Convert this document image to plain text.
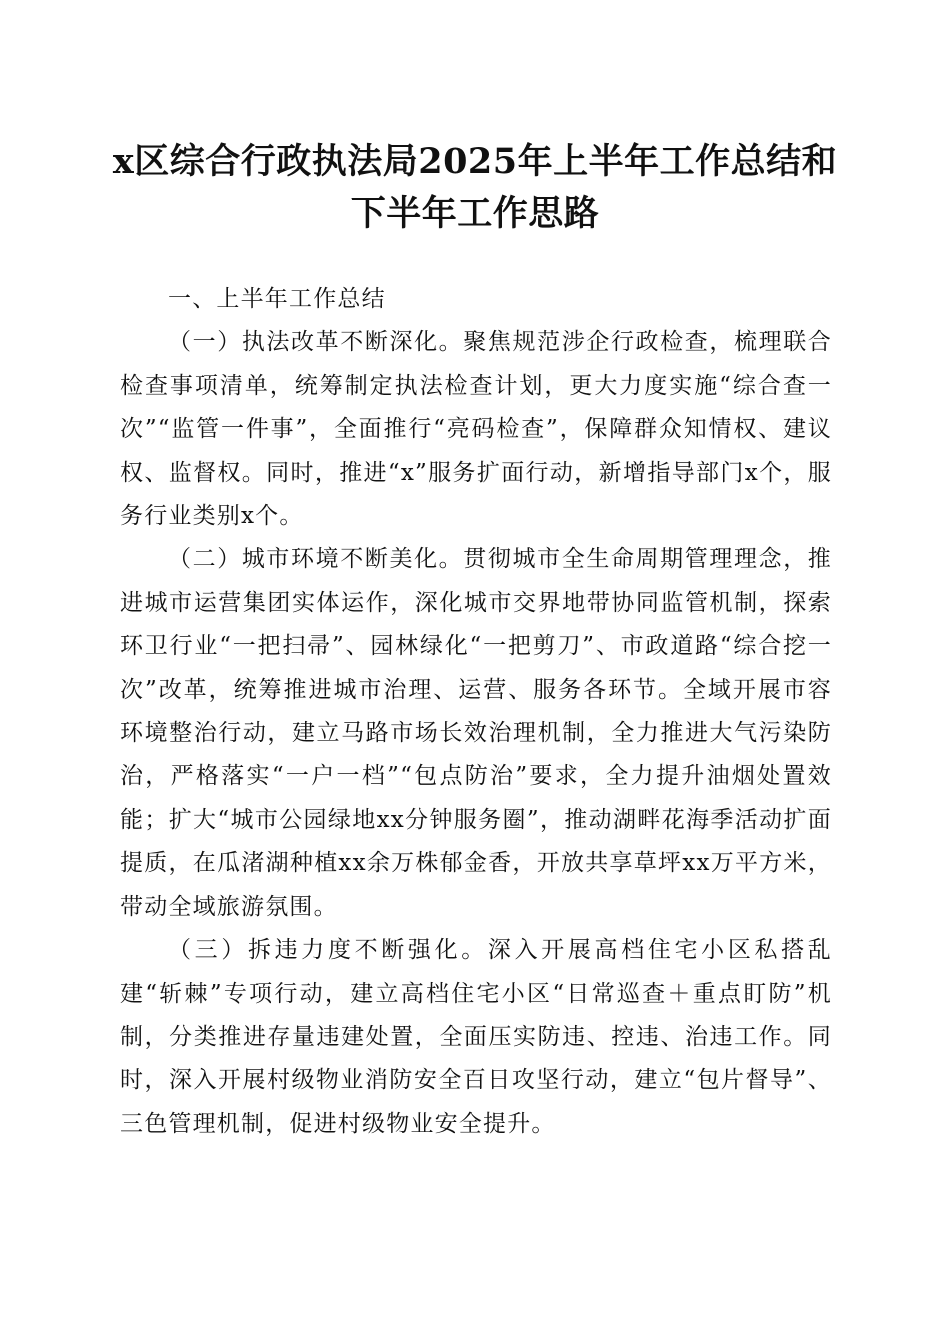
x区综合行政执法局2025年上半年工作总结和
下半年工作思路
一、上半年工作总结

（一）执法改革不断深化。聚焦规范涉企行政检查，梳理联合检查事项清单，统筹制定执法检查计划，更大力度实施“综合查一次”“监管一件事”，全面推行“亮码检查”，保障群众知情权、建议权、监督权。同时，推进“x”服务扩面行动，新增指导部门x个，服务行业类别x个。

（二）城市环境不断美化。贯彻城市全生命周期管理理念，推进城市运营集团实体运作，深化城市交界地带协同监管机制，探索环卫行业“一把扫帚”、园林绿化“一把剪刀”、市政道路“综合挖一次”改革，统筹推进城市治理、运营、服务各环节。全域开展市容环境整治行动，建立马路市场长效治理机制，全力推进大气污染防治，严格落实“一户一档”“包点防治”要求，全力提升油烟处置效能；扩大“城市公园绿地xx分钟服务圈”，推动湖畔花海季活动扩面提质，在瓜渚湖种植xx余万株郁金香，开放共享草坪xx万平方米，带动全域旅游氛围。

（三）拆违力度不断强化。深入开展高档住宅小区私搭乱建“斩棘”专项行动，建立高档住宅小区“日常巡查＋重点盯防”机制，分类推进存量违建处置，全面压实防违、控违、治违工作。同时，深入开展村级物业消防安全百日攻坚行动，建立“包片督导”、三色管理机制，促进村级物业安全提升。
